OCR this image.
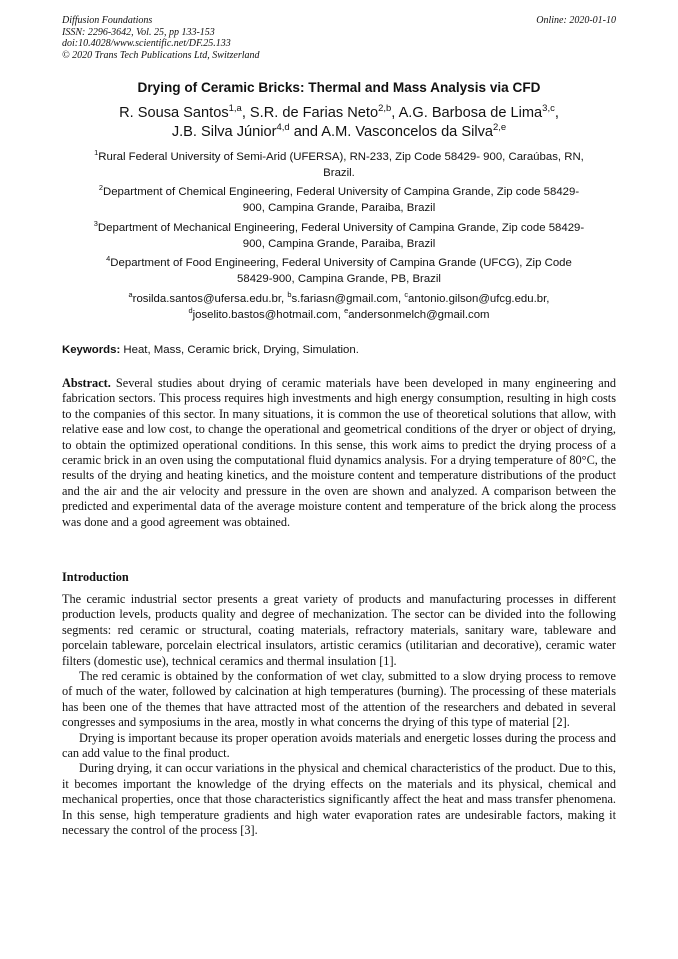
Diffusion Foundations
ISSN: 2296-3642, Vol. 25, pp 133-153
doi:10.4028/www.scientific.net/DF.25.133
© 2020 Trans Tech Publications Ltd, Switzerland
Online: 2020-01-10
Drying of Ceramic Bricks: Thermal and Mass Analysis via CFD
R. Sousa Santos$^{1,a}$, S.R. de Farias Neto$^{2,b}$, A.G. Barbosa de Lima$^{3,c}$,
J.B. Silva Júnior$^{4,d}$ and A.M. Vasconcelos da Silva$^{2,e}$
$^1$Rural Federal University of Semi-Arid (UFERSA), RN-233, Zip Code 58429- 900, Caraúbas, RN,
Brazil.
$^2$Department of Chemical Engineering, Federal University of Campina Grande, Zip code 58429-
900, Campina Grande, Paraiba, Brazil
$^3$Department of Mechanical Engineering, Federal University of Campina Grande, Zip code 58429-
900, Campina Grande, Paraiba, Brazil
$^4$Department of Food Engineering, Federal University of Campina Grande (UFCG), Zip Code
58429-900, Campina Grande, PB, Brazil
$^a$rosilda.santos@ufersa.edu.br, $^b$s.fariasn@gmail.com, $^c$antonio.gilson@ufcg.edu.br,
$^d$joselito.bastos@hotmail.com, $^e$andersonmelch@gmail.com
Keywords: Heat, Mass, Ceramic brick, Drying, Simulation.
Abstract. Several studies about drying of ceramic materials have been developed in many engineering and fabrication sectors. This process requires high investments and high energy consumption, resulting in high costs to the companies of this sector. In many situations, it is common the use of theoretical solutions that allow, with relative ease and low cost, to change the operational and geometrical conditions of the dryer or object of drying, to obtain the optimized operational conditions. In this sense, this work aims to predict the drying process of a ceramic brick in an oven using the computational fluid dynamics analysis. For a drying temperature of 80°C, the results of the drying and heating kinetics, and the moisture content and temperature distributions of the product and the air and the air velocity and pressure in the oven are shown and analyzed. A comparison between the predicted and experimental data of the average moisture content and temperature of the brick along the process was done and a good agreement was obtained.
Introduction

The ceramic industrial sector presents a great variety of products and manufacturing processes in different production levels, products quality and degree of mechanization. The sector can be divided into the following segments: red ceramic or structural, coating materials, refractory materials, sanitary ware, tableware and porcelain tableware, porcelain electrical insulators, artistic ceramics (utilitarian and decorative), ceramic water filters (domestic use), technical ceramics and thermal insulation [1].

The red ceramic is obtained by the conformation of wet clay, submitted to a slow drying process to remove of much of the water, followed by calcination at high temperatures (burning). The processing of these materials has been one of the themes that have attracted most of the attention of the researchers and debated in several congresses and symposiums in the area, mostly in what concerns the drying of this type of material [2].

Drying is important because its proper operation avoids materials and energetic losses during the process and can add value to the final product.

During drying, it can occur variations in the physical and chemical characteristics of the product. Due to this, it becomes important the knowledge of the drying effects on the materials and its physical, chemical and mechanical properties, once that those characteristics significantly affect the heat and mass transfer phenomena. In this sense, high temperature gradients and high water evaporation rates are undesirable factors, making it necessary the control of the process [3].
